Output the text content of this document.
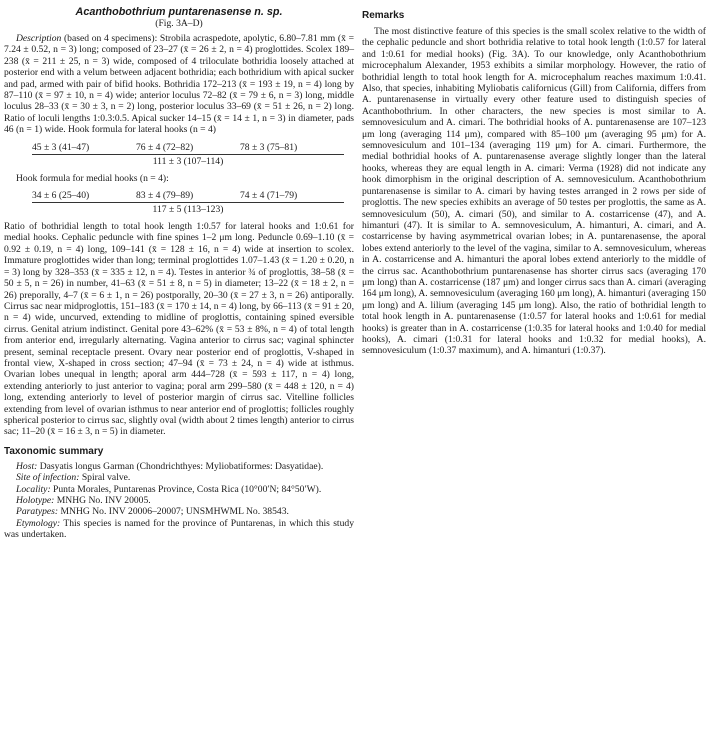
Acanthobothrium puntarenasense n. sp.
(Fig. 3A–D)

Description (based on 4 specimens): Strobila acraspedote, apolytic, 6.80–7.81 mm (x̄ = 7.24 ± 0.52, n = 3) long; composed of 23–27 (x̄ = 26 ± 2, n = 4) proglottides. Scolex 189–238 (x̄ = 211 ± 25, n = 3) wide, composed of 4 triloculate bothridia loosely attached at posterior end with a velum between adjacent bothridia; each bothridium with apical sucker and pad, armed with pair of bifid hooks. Bothridia 172–213 (x̄ = 193 ± 19, n = 4) long by 87–110 (x̄ = 97 ± 10, n = 4) wide; anterior loculus 72–82 (x̄ = 79 ± 6, n = 3) long, middle loculus 28–33 (x̄ = 30 ± 3, n = 2) long, posterior loculus 33–69 (x̄ = 51 ± 26, n = 2) long. Ratio of loculi lengths 1:0.3:0.5. Apical sucker 14–15 (x̄ = 14 ± 1, n = 3) in diameter, pads 46 (n = 1) wide. Hook formula for lateral hooks (n = 4)

45 ± 3 (41–47)	76 ± 4 (72–82)	78 ± 3 (75–81)
111 ± 3 (107–114)

Hook formula for medial hooks (n = 4):

34 ± 6 (25–40)	83 ± 4 (79–89)	74 ± 4 (71–79)
117 ± 5 (113–123)

Ratio of bothridial length to total hook length 1:0.57 for lateral hooks and 1:0.61 for medial hooks. Cephalic peduncle with fine spines 1–2 μm long. Peduncle 0.69–1.10 (x̄ = 0.92 ± 0.19, n = 4) long, 109–141 (x̄ = 128 ± 16, n = 4) wide at insertion to scolex. Immature proglottides wider than long; terminal proglottides 1.07–1.43 (x̄ = 1.20 ± 0.20, n = 3) long by 328–353 (x̄ = 335 ± 12, n = 4). Testes in anterior ¾ of proglottis, 38–58 (x̄ = 50 ± 5, n = 26) in number, 41–63 (x̄ = 51 ± 8, n = 5) in diameter; 13–22 (x̄ = 18 ± 2, n = 26) preporally, 4–7 (x̄ = 6 ± 1, n = 26) postporally, 20–30 (x̄ = 27 ± 3, n = 26) antiporally. Cirrus sac near midproglottis, 151–183 (x̄ = 170 ± 14, n = 4) long, by 66–113 (x̄ = 91 ± 20, n = 4) wide, uncurved, extending to midline of proglottis, containing spined eversible cirrus. Genital atrium indistinct. Genital pore 43–62% (x̄ = 53 ± 8%, n = 4) of total length from anterior end, irregularly alternating. Vagina anterior to cirrus sac; vaginal sphincter present, seminal receptacle present. Ovary near posterior end of proglottis, V-shaped in frontal view, X-shaped in cross section; 47–94 (x̄ = 73 ± 24, n = 4) wide at isthmus. Ovarian lobes unequal in length; aporal arm 444–728 (x̄ = 593 ± 117, n = 4) long, extending anteriorly to just anterior to vagina; poral arm 299–580 (x̄ = 448 ± 120, n = 4) long, extending anteriorly to level of posterior margin of cirrus sac. Vitelline follicles extending from level of ovarian isthmus to near anterior end of proglottis; follicles roughly spherical posterior to cirrus sac, slightly oval (width about 2 times length) anterior to cirrus sac; 11–20 (x̄ = 16 ± 3, n = 5) in diameter.

Taxonomic summary

Host: Dasyatis longus Garman (Chondrichthyes: Myliobatiformes: Dasyatidae).

Site of infection: Spiral valve.

Locality: Punta Morales, Puntarenas Province, Costa Rica (10°00′N; 84°50′W).

Holotype: MNHG No. INV 20005.

Paratypes: MNHG No. INV 20006–20007; UNSMHWML No. 38543.

Etymology: This species is named for the province of Puntarenas, in which this study was undertaken.

Remarks

The most distinctive feature of this species is the small scolex relative to the width of the cephalic peduncle and short bothridia relative to total hook length (1:0.57 for lateral and 1:0.61 for medial hooks) (Fig. 3A). To our knowledge, only Acanthobothrium microcephalum Alexander, 1953 exhibits a similar morphology. However, the ratio of bothridial length to total hook length for A. microcephalum reaches maximum 1:0.41. Also, that species, inhabiting Myliobatis californicus (Gill) from California, differs from A. puntarenasense in virtually every other feature used to distinguish species of Acanthobothrium. In other characters, the new species is most similar to A. semnovesiculum and A. cimari. The bothridial hooks of A. puntarenasense are 107–123 μm long (averaging 114 μm), compared with 85–100 μm (averaging 95 μm) for A. semnovesiculum and 101–134 (averaging 119 μm) for A. cimari. Furthermore, the medial bothridial hooks of A. puntarenasense average slightly longer than the lateral hooks, whereas they are equal length in A. cimari: Verma (1928) did not indicate any hook dimorphism in the original description of A. semnovesiculum. Acanthobothrium puntarenasense is similar to A. cimari by having testes arranged in 2 rows per side of proglottis. The new species exhibits an average of 50 testes per proglottis, the same as A. semnovesiculum (50), A. cimari (50), and similar to A. costarricense (47), and A. himanturi (47). It is similar to A. semnovesiculum, A. himanturi, A. cimari, and A. costarricense by having asymmetrical ovarian lobes; in A. puntarenasense, the aporal lobes extend anteriorly to the level of the vagina, similar to A. semnovesiculum, whereas in A. costarricense and A. himanturi the aporal lobes extend anteriorly to the middle of the cirrus sac. Acanthobothrium puntarenasense has shorter cirrus sacs (averaging 170 μm long) than A. costarricense (187 μm) and longer cirrus sacs than A. cimari (averaging 164 μm long), A. semnovesiculum (averaging 160 μm long), A. himanturi (averaging 150 μm long) and A. lilium (averaging 145 μm long). Also, the ratio of bothridial length to total hook length in A. puntarenasense (1:0.57 for lateral hooks and 1:0.61 for medial hooks) is greater than in A. costarricense (1:0.35 for lateral hooks and 1:0.40 for medial hooks), A. cimari (1:0.31 for lateral hooks and 1:0.32 for medial hooks), A. semnovesiculum (1:0.37 maximum), and A. himanturi (1:0.37).
